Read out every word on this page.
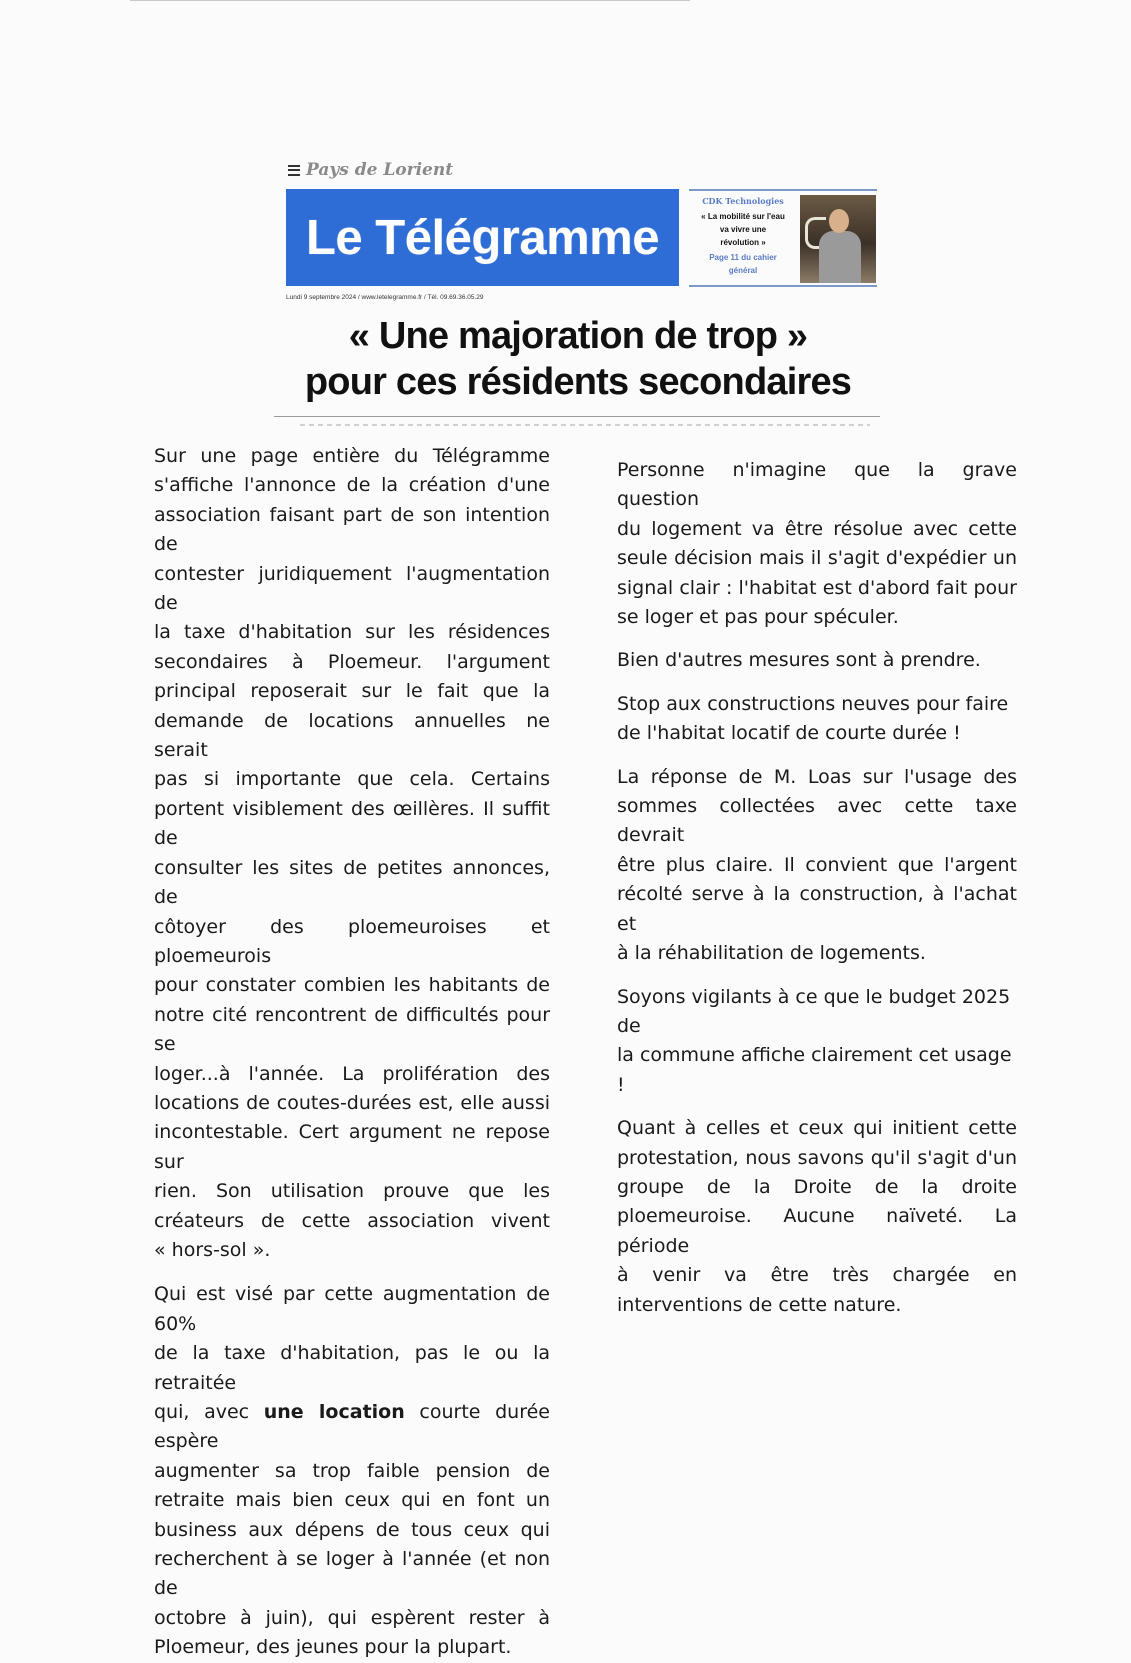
Pays de Lorient
Le Télégramme
CDK Technologies
« La mobilité sur l'eau
va vivre une
révolution »
Page 11 du cahier
général
Lundi 9 septembre 2024 / www.letelegramme.fr / Tél. 09.69.36.05.29
« Une majoration de trop »
pour ces résidents secondaires

Sur une page entière du Télégramme
s'affiche l'annonce de la création d'une
association faisant part de son intention de
contester juridiquement l'augmentation de
la taxe d'habitation sur les résidences
secondaires à Ploemeur. l'argument
principal reposerait sur le fait que la
demande de locations annuelles ne serait
pas si importante que cela. Certains
portent visiblement des œillères. Il suffit de
consulter les sites de petites annonces, de
côtoyer des ploemeuroises et ploemeurois
pour constater combien les habitants de
notre cité rencontrent de difficultés pour se
loger...à l'année. La prolifération des
locations de coutes-durées est, elle aussi
incontestable. Cert argument ne repose sur
rien. Son utilisation prouve que les
créateurs de cette association vivent
« hors-sol ».

Qui est visé par cette augmentation de 60%
de la taxe d'habitation, pas le ou la retraitée
qui, avec une location courte durée espère
augmenter sa trop faible pension de
retraite mais bien ceux qui en font un
business aux dépens de tous ceux qui
recherchent à se loger à l'année (et non de
octobre à juin), qui espèrent rester à
Ploemeur, des jeunes pour la plupart.

Personne n'imagine que la grave question
du logement va être résolue avec cette
seule décision mais il s'agit d'expédier un
signal clair : l'habitat est d'abord fait pour
se loger et pas pour spéculer.

Bien d'autres mesures sont à prendre.

Stop aux constructions neuves pour faire
de l'habitat locatif de courte durée !

La réponse de M. Loas sur l'usage des
sommes collectées avec cette taxe devrait
être plus claire. Il convient que l'argent
récolté serve à la construction, à l'achat et
à la réhabilitation de logements.

Soyons vigilants à ce que le budget 2025 de
la commune affiche clairement cet usage !

Quant à celles et ceux qui initient cette
protestation, nous savons qu'il s'agit d'un
groupe de la Droite de la droite
ploemeuroise. Aucune naïveté. La période
à venir va être très chargée en
interventions de cette nature.
